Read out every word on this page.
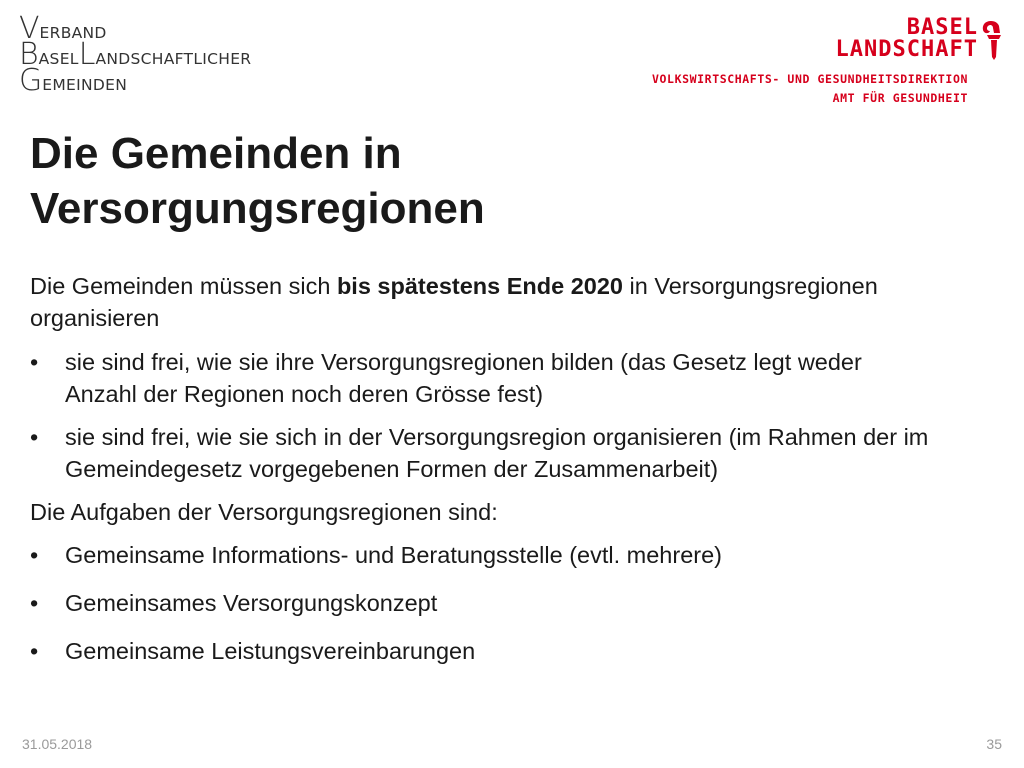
VERBAND
BASELLANDSCHAFTLICHER
GEMEINDEN
BASEL
LANDSCHAFT
VOLKSWIRTSCHAFTS- UND GESUNDHEITSDIREKTION
AMT FÜR GESUNDHEIT
Die Gemeinden in
Versorgungsregionen

Die Gemeinden müssen sich bis spätestens Ende 2020 in Versorgungsregionen organisieren

• sie sind frei, wie sie ihre Versorgungsregionen bilden (das Gesetz legt weder Anzahl der Regionen noch deren Grösse fest)
• sie sind frei, wie sie sich in der Versorgungsregion organisieren (im Rahmen der im Gemeindegesetz vorgegebenen Formen der Zusammenarbeit)

Die Aufgaben der Versorgungsregionen sind:

• Gemeinsame Informations- und Beratungsstelle (evtl. mehrere)
• Gemeinsames Versorgungskonzept
• Gemeinsame Leistungsvereinbarungen
31.05.2018	35
